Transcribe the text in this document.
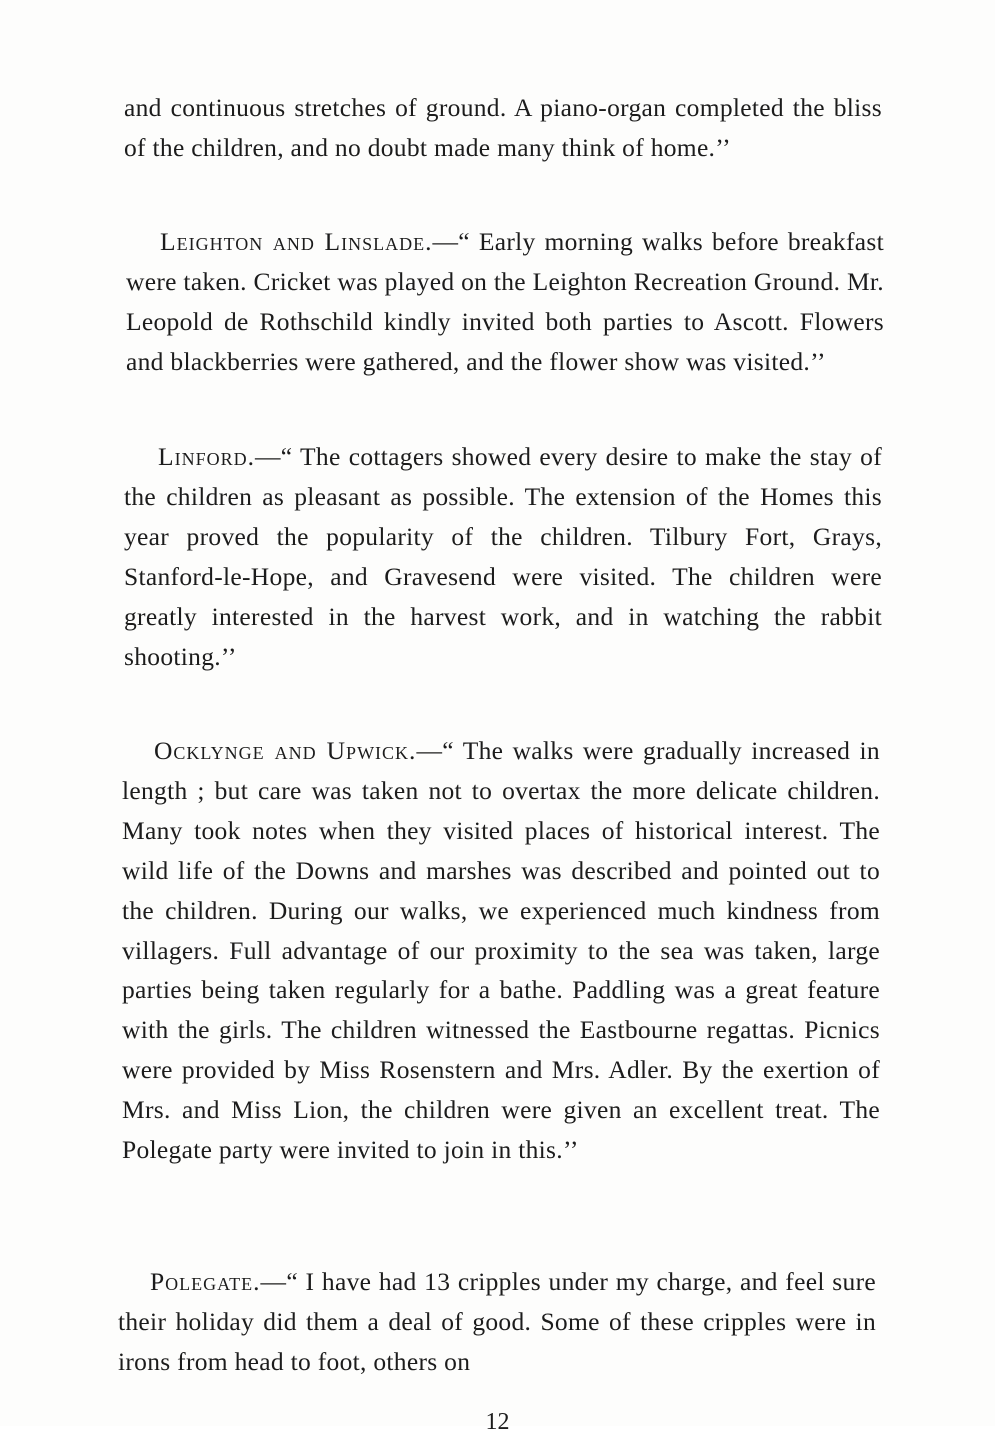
and continuous stretches of ground. A piano-organ completed the bliss of the children, and no doubt made many think of home.’’

Leighton and Linslade.—“ Early morning walks before breakfast were taken. Cricket was played on the Leighton Recreation Ground. Mr. Leopold de Rothschild kindly invited both parties to Ascott. Flowers and blackberries were gathered, and the flower show was visited.’’

Linford.—“ The cottagers showed every desire to make the stay of the children as pleasant as possible. The extension of the Homes this year proved the popularity of the children. Tilbury Fort, Grays, Stanford-le-Hope, and Gravesend were visited. The children were greatly interested in the harvest work, and in watching the rabbit shooting.’’

Ocklynge and Upwick.—“ The walks were gradually increased in length ; but care was taken not to overtax the more delicate children. Many took notes when they visited places of historical interest. The wild life of the Downs and marshes was described and pointed out to the children. During our walks, we experienced much kindness from villagers. Full advantage of our proximity to the sea was taken, large parties being taken regularly for a bathe. Paddling was a great feature with the girls. The children witnessed the Eastbourne regattas. Picnics were provided by Miss Rosenstern and Mrs. Adler. By the exertion of Mrs. and Miss Lion, the children were given an excellent treat. The Polegate party were invited to join in this.’’

Polegate.—“ I have had 13 cripples under my charge, and feel sure their holiday did them a deal of good. Some of these cripples were in irons from head to foot, others on

12
